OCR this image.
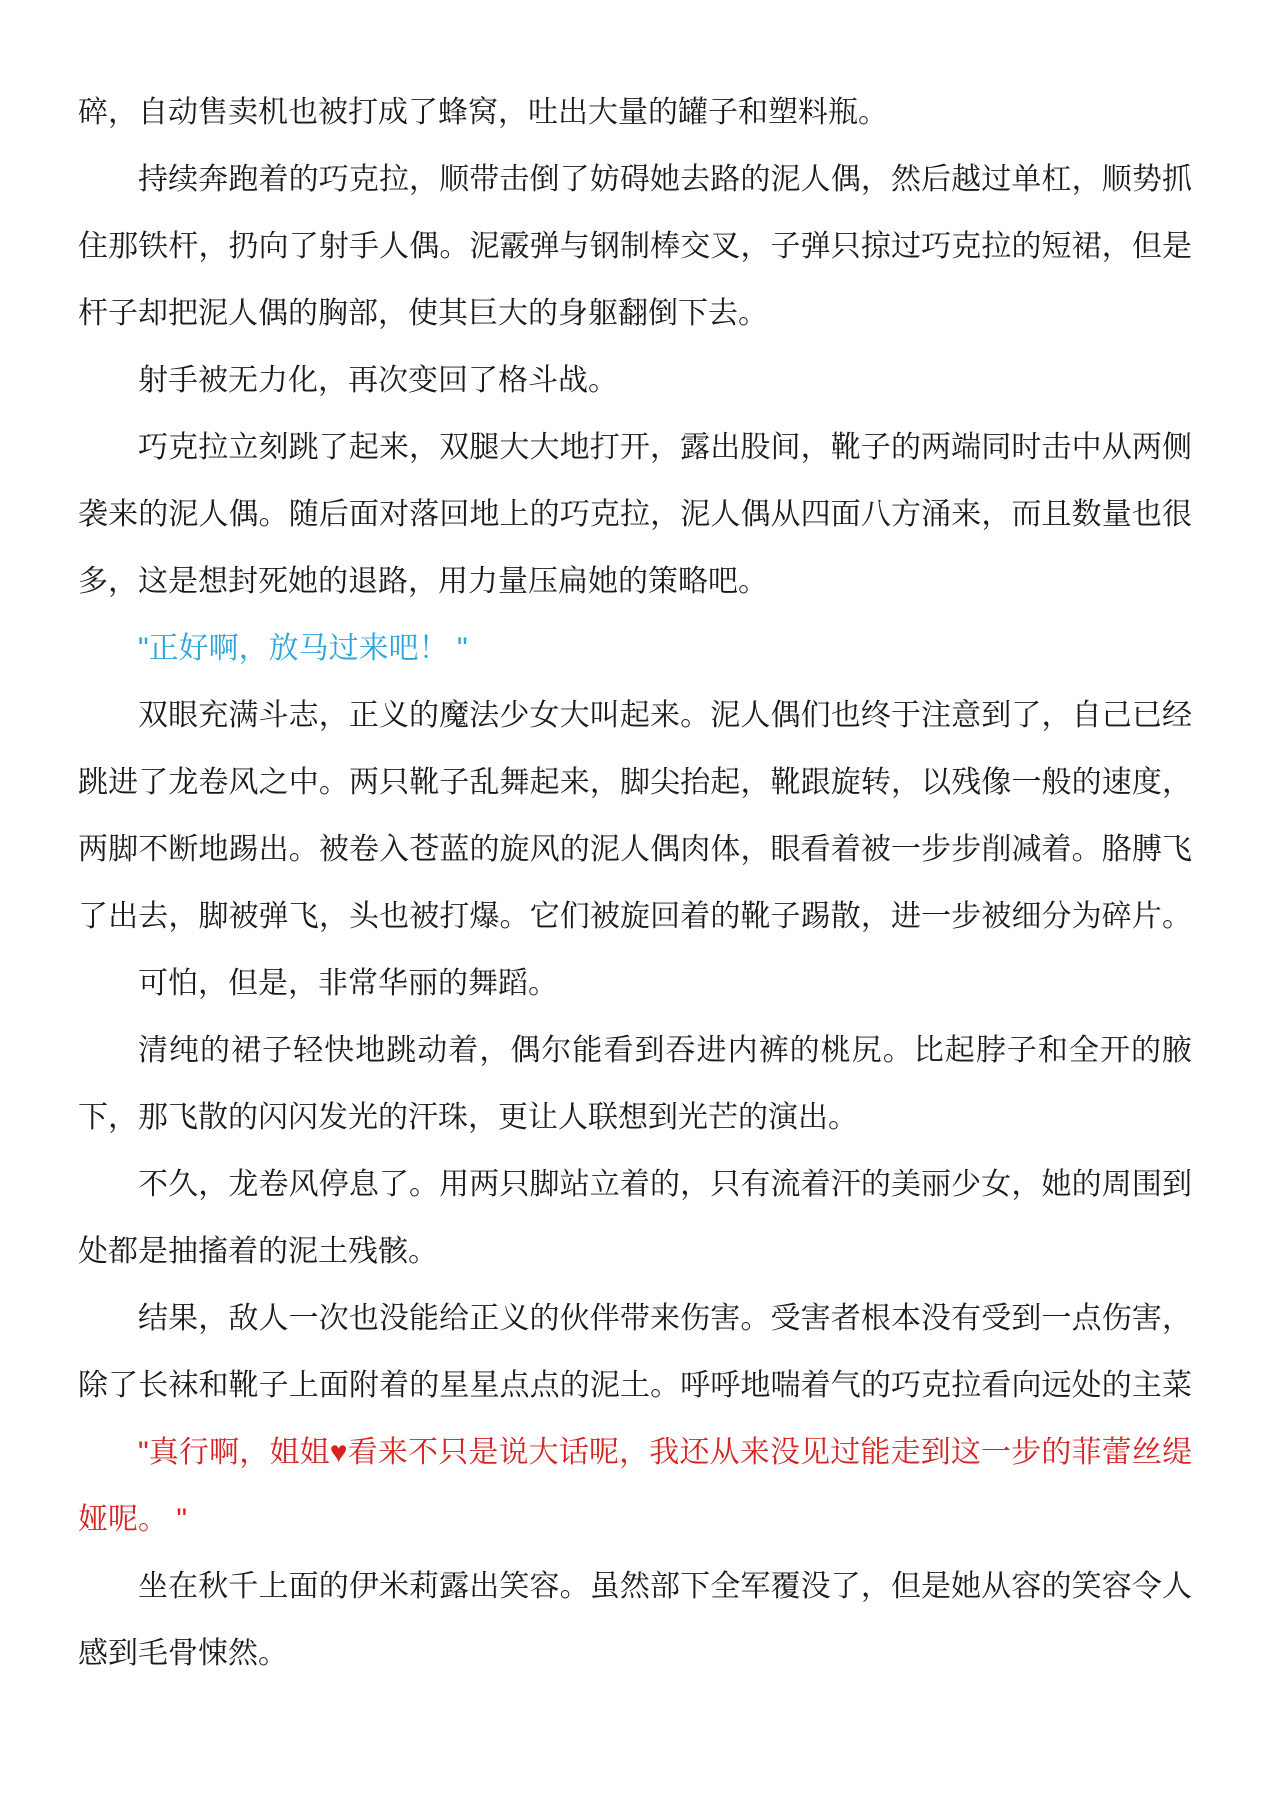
碎，自动售卖机也被打成了蜂窝，吐出大量的罐子和塑料瓶。
持续奔跑着的巧克拉，顺带击倒了妨碍她去路的泥人偶，然后越过单杠，顺势抓
住那铁杆，扔向了射手人偶。泥霰弹与钢制棒交叉，子弹只掠过巧克拉的短裙，但是
杆子却把泥人偶的胸部，使其巨大的身躯翻倒下去。
射手被无力化，再次变回了格斗战。
巧克拉立刻跳了起来，双腿大大地打开，露出股间，靴子的两端同时击中从两侧
袭来的泥人偶。随后面对落回地上的巧克拉，泥人偶从四面八方涌来，而且数量也很
多，这是想封死她的退路，用力量压扁她的策略吧。
"正好啊，放马过来吧！ "
双眼充满斗志，正义的魔法少女大叫起来。泥人偶们也终于注意到了，自己已经
跳进了龙卷风之中。两只靴子乱舞起来，脚尖抬起，靴跟旋转，以残像一般的速度，
两脚不断地踢出。被卷入苍蓝的旋风的泥人偶肉体，眼看着被一步步削减着。胳膊飞
了出去，脚被弹飞，头也被打爆。它们被旋回着的靴子踢散，进一步被细分为碎片。
可怕，但是，非常华丽的舞蹈。
清纯的裙子轻快地跳动着，偶尔能看到吞进内裤的桃尻。比起脖子和全开的腋
下，那飞散的闪闪发光的汗珠，更让人联想到光芒的演出。
不久，龙卷风停息了。用两只脚站立着的，只有流着汗的美丽少女，她的周围到
处都是抽搐着的泥土残骸。
结果，敌人一次也没能给正义的伙伴带来伤害。受害者根本没有受到一点伤害，
除了长袜和靴子上面附着的星星点点的泥土。呼呼地喘着气的巧克拉看向远处的主菜
"真行啊，姐姐♥看来不只是说大话呢，我还从来没见过能走到这一步的菲蕾丝缇
娅呢。 "
坐在秋千上面的伊米莉露出笑容。虽然部下全军覆没了，但是她从容的笑容令人
感到毛骨悚然。
